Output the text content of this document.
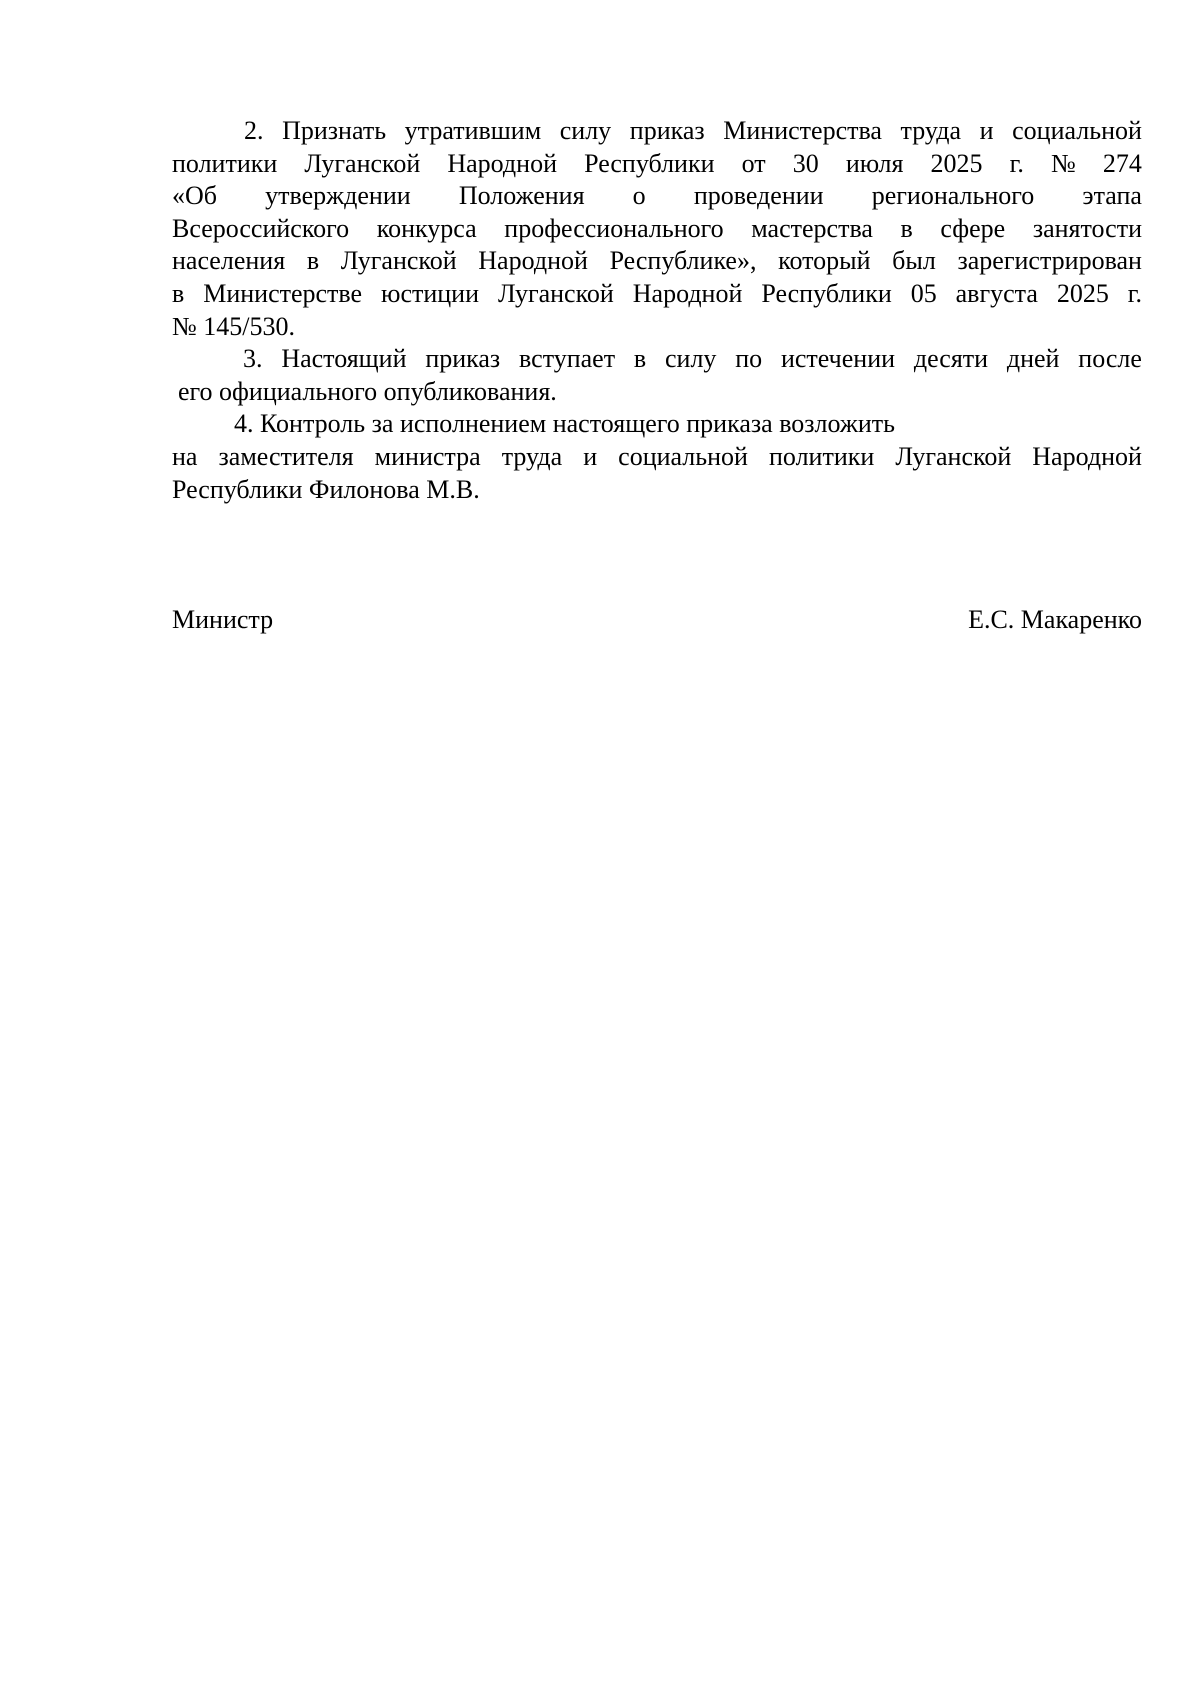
2. Признать утратившим силу приказ Министерства труда и социальной
политики Луганской Народной Республики от 30 июля 2025 г. № 274
«Об утверждении Положения о проведении регионального этапа
Всероссийского конкурса профессионального мастерства в сфере занятости
населения в Луганской Народной Республике», который был зарегистрирован
в Министерстве юстиции Луганской Народной Республики 05 августа 2025 г.
№ 145/530.
3. Настоящий приказ вступает в силу по истечении десяти дней после
его официального опубликования.
4. Контроль за исполнением настоящего приказа возложить
на заместителя министра труда и социальной политики Луганской Народной
Республики Филонова М.В.
Министр	Е.С. Макаренко
